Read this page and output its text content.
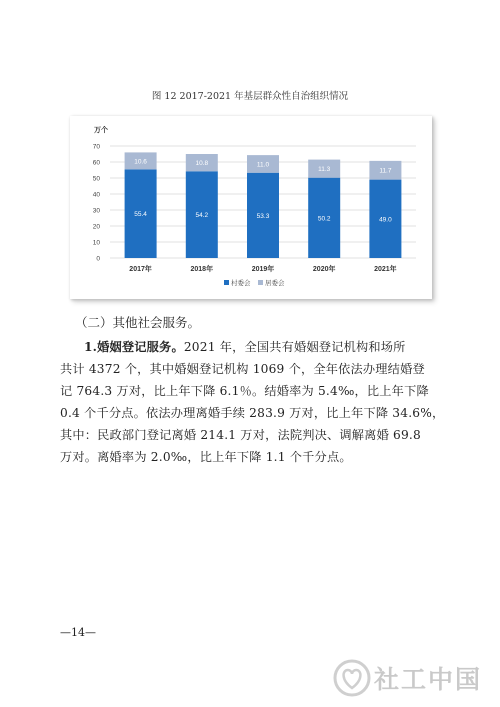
图 12 2017-2021 年基层群众性自治组织情况
0
10
20
30
40
50
60
70
55.4
10.6
2017年
54.2
10.8
2018年
53.3
11.0
2019年
50.2
11.3
2020年
49.0
11.7
2021年
万个
村委会 居委会
（二）其他社会服务。
1.婚姻登记服务。2021 年，全国共有婚姻登记机构和场所
共计 4372 个，其中婚姻登记机构 1069 个，全年依法办理结婚登
记 764.3 万对，比上年下降 6.1％。结婚率为 5.4‰，比上年下降
0.4 个千分点。依法办理离婚手续 283.9 万对，比上年下降 34.6%，
其中：民政部门登记离婚 214.1 万对，法院判决、调解离婚 69.8
万对。离婚率为 2.0‰，比上年下降 1.1 个千分点。
—14—
社工中国
